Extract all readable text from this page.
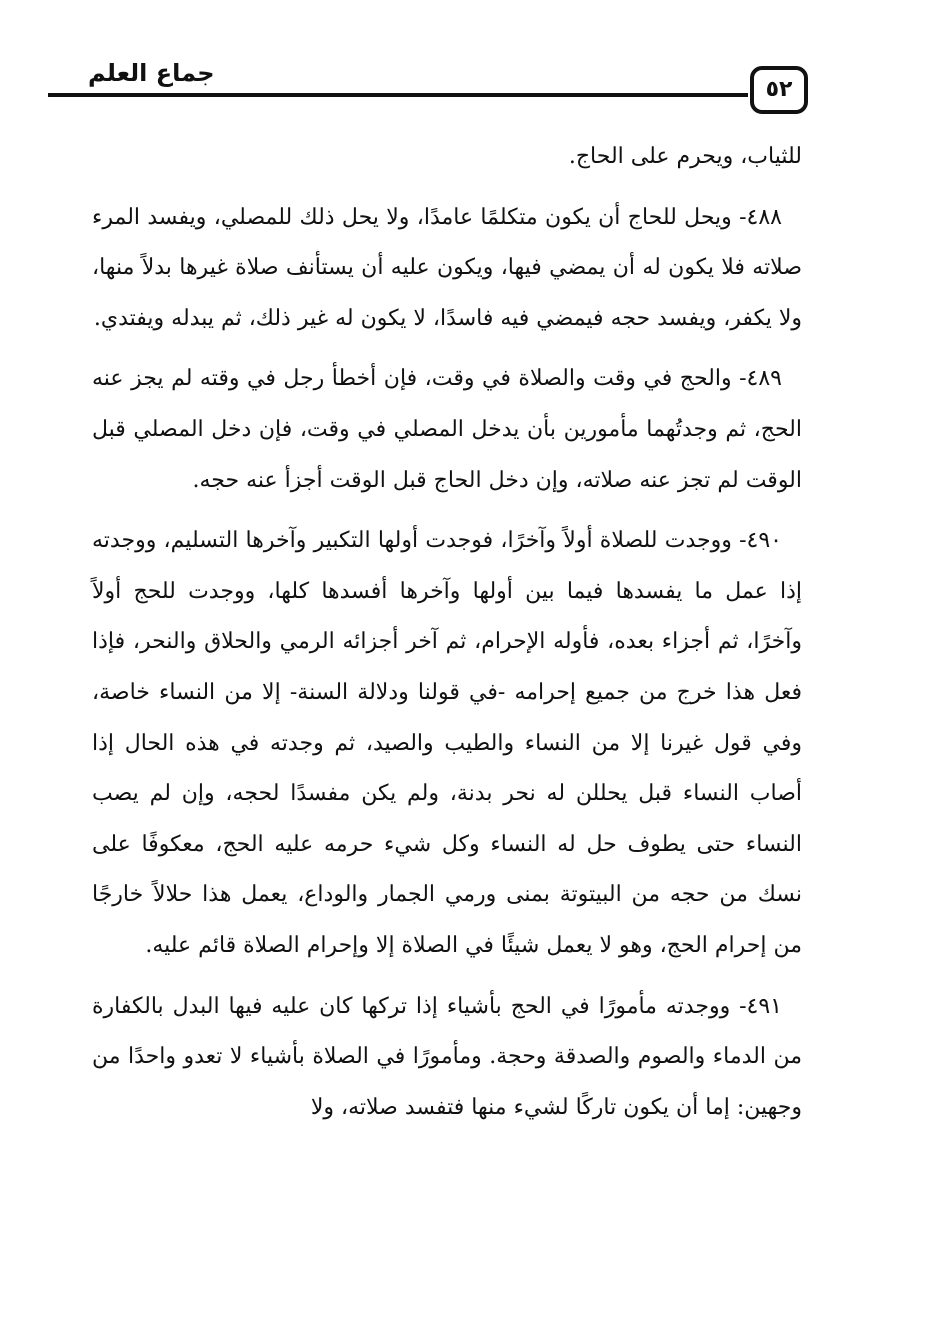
جماع العلم
٥٢

للثياب، ويحرم على الحاج.

٤٨٨- ويحل للحاج أن يكون متكلمًا عامدًا، ولا يحل ذلك للمصلي، ويفسد المرء صلاته فلا يكون له أن يمضي فيها، ويكون عليه أن يستأنف صلاة غيرها بدلاً منها، ولا يكفر، ويفسد حجه فيمضي فيه فاسدًا، لا يكون له غير ذلك، ثم يبدله ويفتدي.

٤٨٩- والحج في وقت والصلاة في وقت، فإن أخطأ رجل في وقته لم يجز عنه الحج، ثم وجدتُهما مأمورين بأن يدخل المصلي في وقت، فإن دخل المصلي قبل الوقت لم تجز عنه صلاته، وإن دخل الحاج قبل الوقت أجزأ عنه حجه.

٤٩٠- ووجدت للصلاة أولاً وآخرًا، فوجدت أولها التكبير وآخرها التسليم، ووجدته إذا عمل ما يفسدها فيما بين أولها وآخرها أفسدها كلها، ووجدت للحج أولاً وآخرًا، ثم أجزاء بعده، فأوله الإحرام، ثم آخر أجزائه الرمي والحلاق والنحر، فإذا فعل هذا خرج من جميع إحرامه -في قولنا ودلالة السنة- إلا من النساء خاصة، وفي قول غيرنا إلا من النساء والطيب والصيد، ثم وجدته في هذه الحال إذا أصاب النساء قبل يحللن له نحر بدنة، ولم يكن مفسدًا لحجه، وإن لم يصب النساء حتى يطوف حل له النساء وكل شيء حرمه عليه الحج، معكوفًا على نسك من حجه من البيتوتة بمنى ورمي الجمار والوداع، يعمل هذا حلالاً خارجًا من إحرام الحج، وهو لا يعمل شيئًا في الصلاة إلا وإحرام الصلاة قائم عليه.

٤٩١- ووجدته مأمورًا في الحج بأشياء إذا تركها كان عليه فيها البدل بالكفارة من الدماء والصوم والصدقة وحجة. ومأمورًا في الصلاة بأشياء لا تعدو واحدًا من وجهين: إما أن يكون تاركًا لشيء منها فتفسد صلاته، ولا
